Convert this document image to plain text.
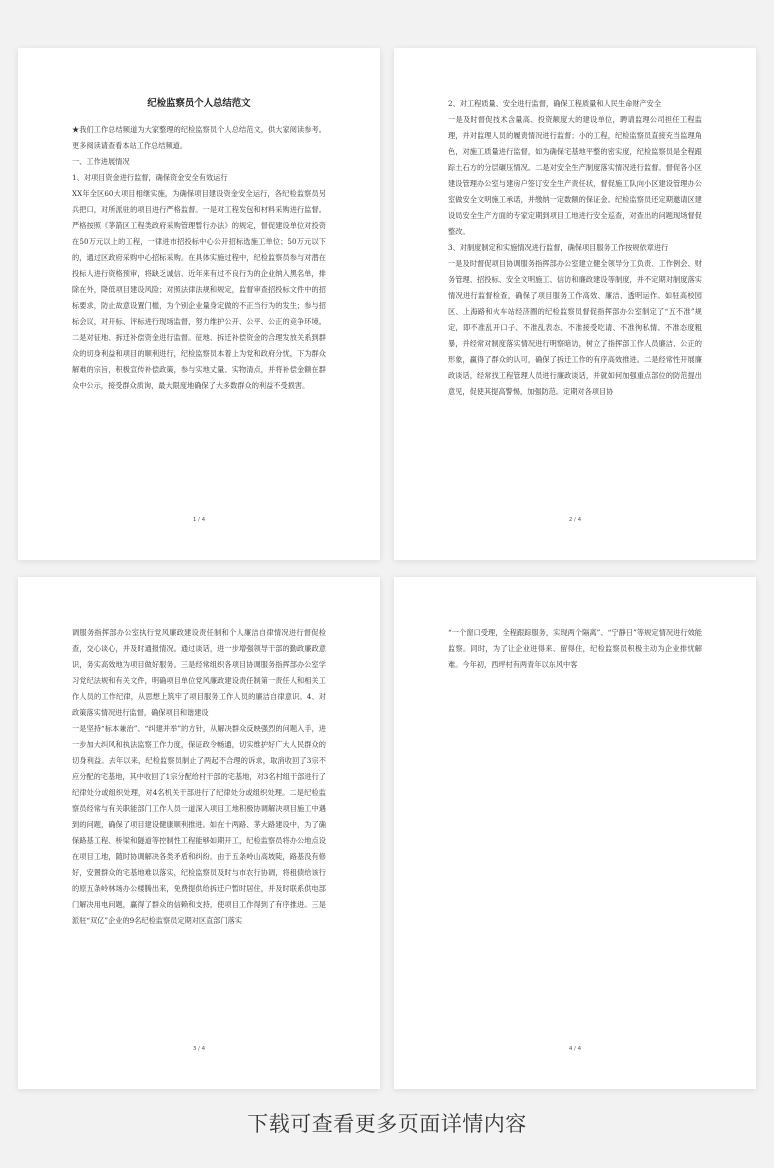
纪检监察员个人总结范文

★我们工作总结频道为大家整理的纪检监察员个人总结范文，供大家阅读参考。更多阅读请查看本站工作总结频道。

一、工作进展情况

1、对项目资金进行监督，确保资金安全有效运行

XX年全区60大项目相继实施，为确保项目建设资金安全运行，各纪检监察员另兵把口，对所派驻的项目进行严格监督。一是对工程发包和材料采购进行监督。严格按照《茅箭区工程类政府采购管理暂行办法》的规定，督促建设单位对投资在50万元以上的工程，一律进市招投标中心公开招标选施工单位；50万元以下的，通过区政府采购中心招标采购。在具体实施过程中，纪检监察员参与对潜在投标人进行资格预审，将缺乏诚信、近年来有过不良行为的企业纳入黑名单，排除在外，降低项目建设风险；对照法律法规和规定，监督审查招投标文件中的招标要求，防止故意设置门槛，为个别企业量身定做的不正当行为的发生；参与招标会议，对开标、评标进行现场监督，努力维护公开、公平、公正的竞争环境。二是对征地、拆迁补偿资金进行监督。征地、拆迁补偿资金的合理发放关系到群众的切身利益和项目的顺利进行，纪检监察员本着上为党和政府分忧，下为群众解难的宗旨，积极宣传补偿政策，参与实地丈量、实物清点，并将补偿金额在群众中公示，接受群众质询，最大限度地确保了大多数群众的利益不受损害。

1 / 4

2、对工程质量、安全进行监督，确保工程质量和人民生命财产安全

一是及时督促技术含量高、投资额度大的建设单位，聘请监理公司担任工程监理，并对监理人员的履责情况进行监督；小的工程，纪检监察员直接充当监理角色，对施工质量进行监督，如为确保宅基地平整的密实度，纪检监察员是全程跟踪土石方的分层碾压情况。二是对安全生产制度落实情况进行监督。督促各小区建设管理办公室与建房户签订安全生产责任状，督促施工队向小区建设管理办公室做安全文明施工承诺，并缴纳一定数额的保证金。纪检监察员还定期邀请区建设局安全生产方面的专家定期到项目工地进行安全巡查，对查出的问题现场督促整改。

3、对制度制定和实施情况进行监督，确保项目服务工作按规依章进行

一是及时督促项目协调服务指挥部办公室建立健全领导分工负责、工作例会、财务管理、招投标、安全文明施工、信访和廉政建设等制度，并不定期对制度落实情况进行监督检查，确保了项目服务工作高效、廉洁、透明运作。如驻高校园区、上海路和火车站经济圈的纪检监察员督促指挥部办公室制定了“五不准”规定，即不准乱开口子、不准乱表态、不准接受吃请、不准徇私情、不准态度粗暴，并经常对制度落实情况进行明察暗访，树立了指挥部工作人员廉洁、公正的形象，赢得了群众的认可，确保了拆迁工作的有序高效推进。二是经常性开展廉政谈话，经常找工程管理人员进行廉政谈话，并就如何加强重点部位的防范提出意见，促使其提高警惕，加强防范。定期对各项目协

2 / 4

调服务指挥部办公室执行党风廉政建设责任制和个人廉洁自律情况进行督促检查，交心谈心，并及时通报情况。通过谈话，进一步增强领导干部的勤政廉政意识，务实高效地为项目做好服务。三是经常组织各项目协调服务指挥部办公室学习党纪法规和有关文件，明确项目单位党风廉政建设责任制第一责任人和相关工作人员的工作纪律，从思想上筑牢了项目服务工作人员的廉洁自律意识。4、对政策落实情况进行监督，确保项目和谐建设

一是坚持“标本兼治”、“纠建并举”的方针，从解决群众反映强烈的问题入手，进一步加大纠风和执法监察工作力度，保证政令畅通，切实维护好广大人民群众的切身利益。去年以来，纪检监察员制止了两起不合理的诉求，取消收回了3宗不应分配的宅基地，其中收回了1宗分配给村干部的宅基地，对3名村组干部进行了纪律处分或组织处理，对4名机关干部进行了纪律处分或组织处理。二是纪检监察员经常与有关职能部门工作人员一道深入项目工地积极协调解决项目施工中遇到的问题，确保了项目建设健康顺利推进。如在十两路、茅大路建设中，为了确保路基工程、桥梁和隧道等控制性工程能够如期开工，纪检监察员将办公地点设在项目工地，随时协调解决各类矛盾和纠纷。由于五条岭山高坡陡，路基没有修好，安置群众的宅基地难以落实，纪检监察员及时与市农行协调，将租债给该行的原五条岭林场办公楼腾出来，免费提供给拆迁户暂时居住，并及时联系供电部门解决用电问题，赢得了群众的信赖和支持，使项目工作得到了有序推进。三是派驻“双亿”企业的9名纪检监察员定期对区直部门落实

3 / 4

“一个窗口受理，全程跟踪服务，实现两个隔离”、“宁静日”等规定情况进行效能监察。同时，为了让企业进得来、留得住，纪检监察员积极主动为企业排忧解难。今年初，西坪村有两青年以东风中客

4 / 4
下载可查看更多页面详情内容
